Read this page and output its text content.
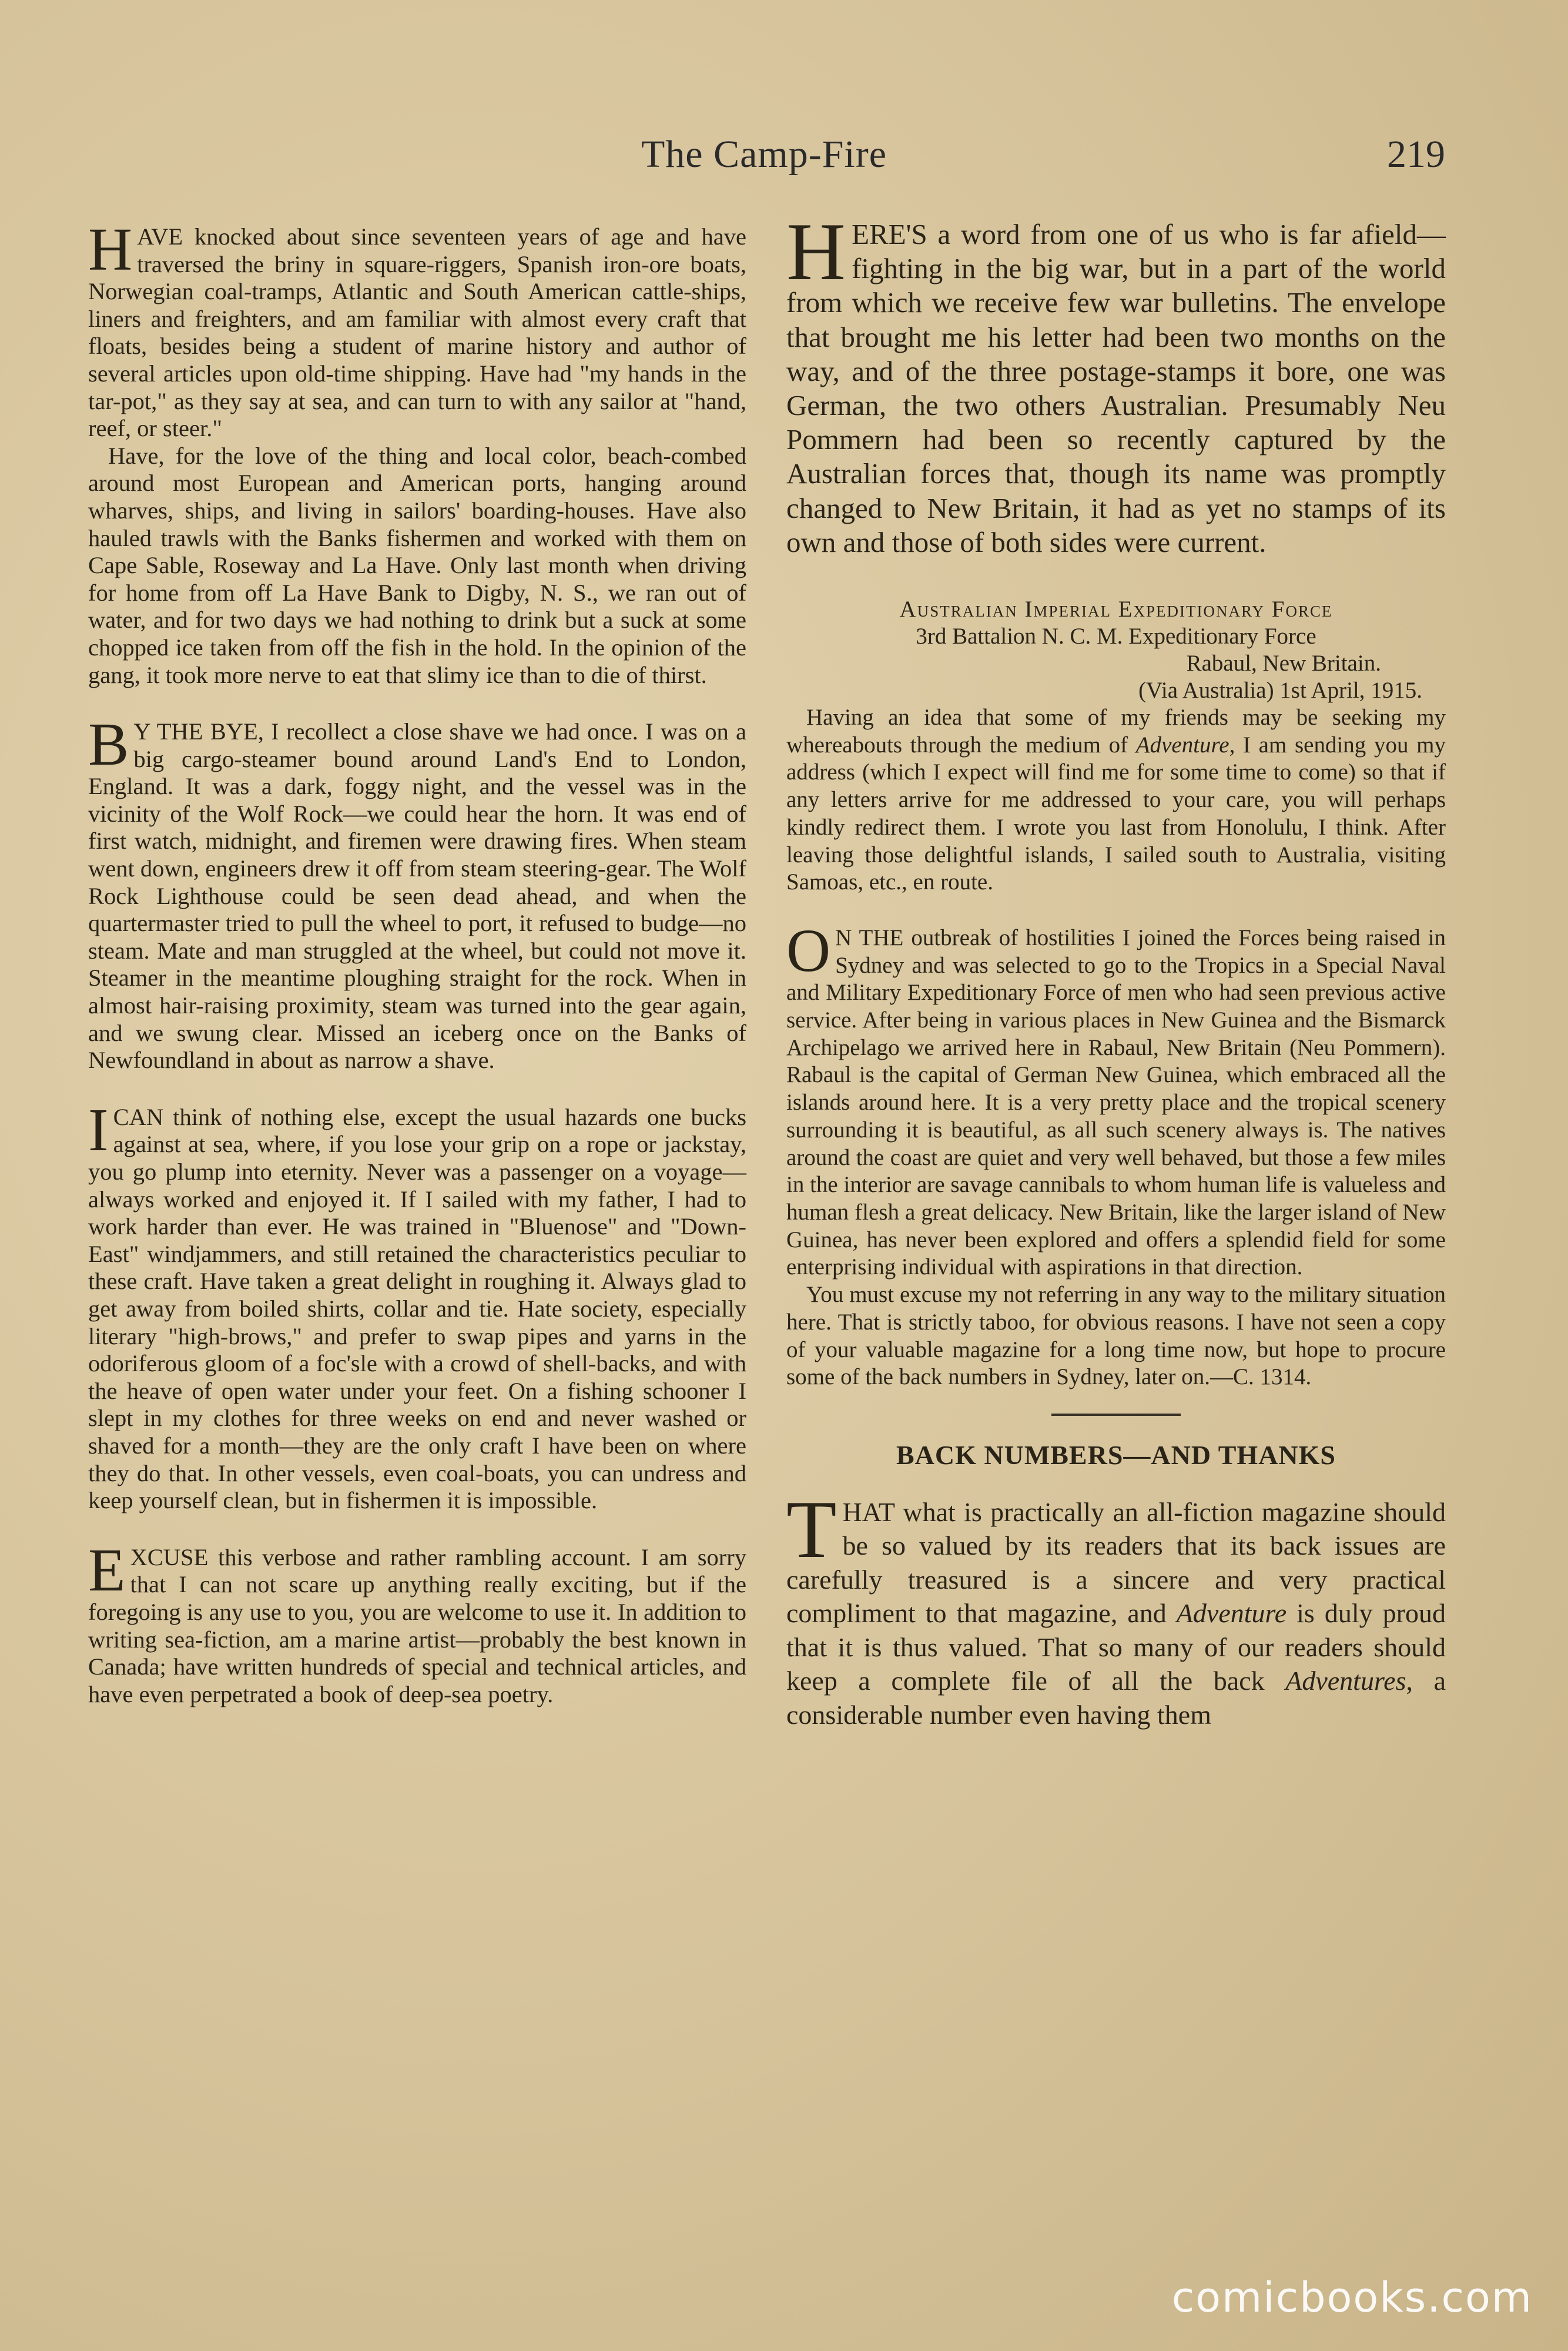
The Camp-Fire	219

HAVE knocked about since seventeen years of age and have traversed the briny in square-riggers, Spanish iron-ore boats, Norwegian coal-tramps, Atlantic and South American cattle-ships, liners and freighters, and am familiar with almost every craft that floats, besides being a student of marine history and author of several articles upon old-time shipping. Have had "my hands in the tar-pot," as they say at sea, and can turn to with any sailor at "hand, reef, or steer."

Have, for the love of the thing and local color, beach-combed around most European and American ports, hanging around wharves, ships, and living in sailors' boarding-houses. Have also hauled trawls with the Banks fishermen and worked with them on Cape Sable, Roseway and La Have. Only last month when driving for home from off La Have Bank to Digby, N. S., we ran out of water, and for two days we had nothing to drink but a suck at some chopped ice taken from off the fish in the hold. In the opinion of the gang, it took more nerve to eat that slimy ice than to die of thirst.

B Y THE BYE, I recollect a close shave we had once. I was on a big cargo-steamer bound around Land's End to London, England. It was a dark, foggy night, and the vessel was in the vicinity of the Wolf Rock—we could hear the horn. It was end of first watch, midnight, and firemen were drawing fires. When steam went down, engineers drew it off from steam steering-gear. The Wolf Rock Lighthouse could be seen dead ahead, and when the quartermaster tried to pull the wheel to port, it refused to budge—no steam. Mate and man struggled at the wheel, but could not move it. Steamer in the meantime ploughing straight for the rock. When in almost hair-raising proximity, steam was turned into the gear again, and we swung clear. Missed an iceberg once on the Banks of Newfoundland in about as narrow a shave.

ICAN think of nothing else, except the usual hazards one bucks against at sea, where, if you lose your grip on a rope or jackstay, you go plump into eternity. Never was a passenger on a voyage—always worked and enjoyed it. If I sailed with my father, I had to work harder than ever. He was trained in "Bluenose" and "Down-East" windjammers, and still retained the characteristics peculiar to these craft. Have taken a great delight in roughing it. Always glad to get away from boiled shirts, collar and tie. Hate society, especially literary "high-brows," and prefer to swap pipes and yarns in the odoriferous gloom of a foc'sle with a crowd of shell-backs, and with the heave of open water under your feet. On a fishing schooner I slept in my clothes for three weeks on end and never washed or shaved for a month—they are the only craft I have been on where they do that. In other vessels, even coal-boats, you can undress and keep yourself clean, but in fishermen it is impossible.

EXCUSE this verbose and rather rambling account. I am sorry that I can not scare up anything really exciting, but if the foregoing is any use to you, you are welcome to use it. In addition to writing sea-fiction, am a marine artist—probably the best known in Canada; have written hundreds of special and technical articles, and have even perpetrated a book of deep-sea poetry.

HERE'S a word from one of us who is far afield—fighting in the big war, but in a part of the world from which we receive few war bulletins. The envelope that brought me his letter had been two months on the way, and of the three postage-stamps it bore, one was German, the two others Australian. Presumably Neu Pommern had been so recently captured by the Australian forces that, though its name was promptly changed to New Britain, it had as yet no stamps of its own and those of both sides were current.

Australian Imperial Expeditionary Force
3rd Battalion N. C. M. Expeditionary Force
Rabaul, New Britain.
(Via Australia) 1st April, 1915.

Having an idea that some of my friends may be seeking my whereabouts through the medium of Adventure, I am sending you my address (which I expect will find me for some time to come) so that if any letters arrive for me addressed to your care, you will perhaps kindly redirect them. I wrote you last from Honolulu, I think. After leaving those delightful islands, I sailed south to Australia, visiting Samoas, etc., en route.

O N THE outbreak of hostilities I joined the Forces being raised in Sydney and was selected to go to the Tropics in a Special Naval and Military Expeditionary Force of men who had seen previous active service. After being in various places in New Guinea and the Bismarck Archipelago we arrived here in Rabaul, New Britain (Neu Pommern). Rabaul is the capital of German New Guinea, which embraced all the islands around here. It is a very pretty place and the tropical scenery surrounding it is beautiful, as all such scenery always is. The natives around the coast are quiet and very well behaved, but those a few miles in the interior are savage cannibals to whom human life is valueless and human flesh a great delicacy. New Britain, like the larger island of New Guinea, has never been explored and offers a splendid field for some enterprising individual with aspirations in that direction.

You must excuse my not referring in any way to the military situation here. That is strictly taboo, for obvious reasons. I have not seen a copy of your valuable magazine for a long time now, but hope to procure some of the back numbers in Sydney, later on.—C. 1314.

BACK NUMBERS—AND THANKS

THAT what is practically an all-fiction magazine should be so valued by its readers that its back issues are carefully treasured is a sincere and very practical compliment to that magazine, and Adventure is duly proud that it is thus valued. That so many of our readers should keep a complete file of all the back Adventures, a considerable number even having them

comicbooks.com
